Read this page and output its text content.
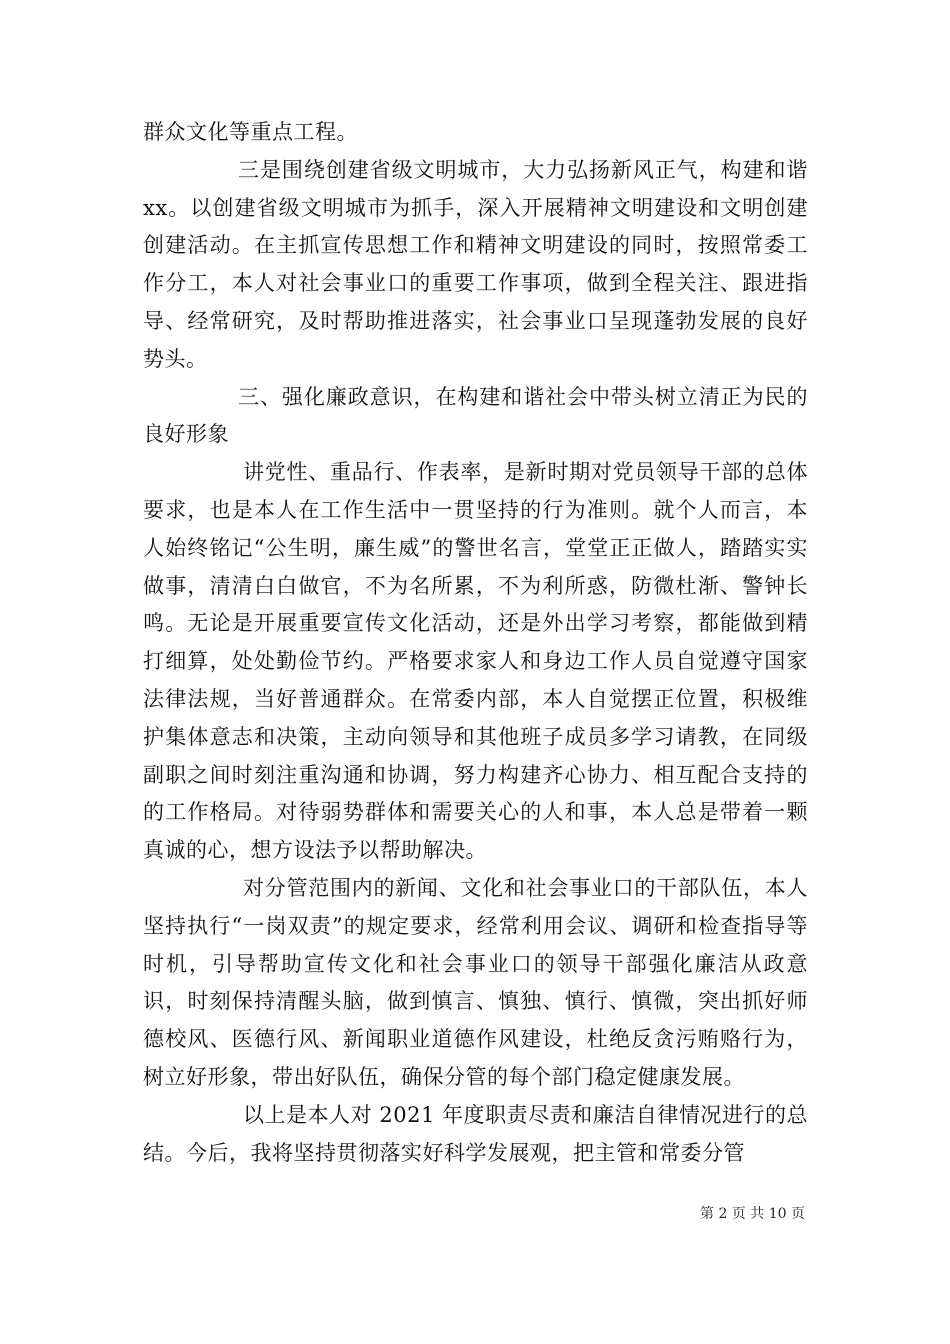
群众文化等重点工程。

三是围绕创建省级文明城市，大力弘扬新风正气，构建和谐 xx。以创建省级文明城市为抓手，深入开展精神文明建设和文明创建创建活动。在主抓宣传思想工作和精神文明建设的同时，按照常委工作分工，本人对社会事业口的重要工作事项，做到全程关注、跟进指导、经常研究，及时帮助推进落实，社会事业口呈现蓬勃发展的良好势头。

三、强化廉政意识，在构建和谐社会中带头树立清正为民的良好形象

讲党性、重品行、作表率，是新时期对党员领导干部的总体要求，也是本人在工作生活中一贯坚持的行为准则。就个人而言，本人始终铭记“公生明，廉生威”的警世名言，堂堂正正做人，踏踏实实做事，清清白白做官，不为名所累，不为利所惑，防微杜渐、警钟长鸣。无论是开展重要宣传文化活动，还是外出学习考察，都能做到精打细算，处处勤俭节约。严格要求家人和身边工作人员自觉遵守国家法律法规，当好普通群众。在常委内部，本人自觉摆正位置，积极维护集体意志和决策，主动向领导和其他班子成员多学习请教，在同级副职之间时刻注重沟通和协调，努力构建齐心协力、相互配合支持的的工作格局。对待弱势群体和需要关心的人和事，本人总是带着一颗真诚的心，想方设法予以帮助解决。

对分管范围内的新闻、文化和社会事业口的干部队伍，本人坚持执行“一岗双责”的规定要求，经常利用会议、调研和检查指导等时机，引导帮助宣传文化和社会事业口的领导干部强化廉洁从政意识，时刻保持清醒头脑，做到慎言、慎独、慎行、慎微，突出抓好师德校风、医德行风、新闻职业道德作风建设，杜绝反贪污贿赂行为，树立好形象，带出好队伍，确保分管的每个部门稳定健康发展。

以上是本人对 2021 年度职责尽责和廉洁自律情况进行的总结。今后，我将坚持贯彻落实好科学发展观，把主管和常委分管

第 2 页 共 10 页
